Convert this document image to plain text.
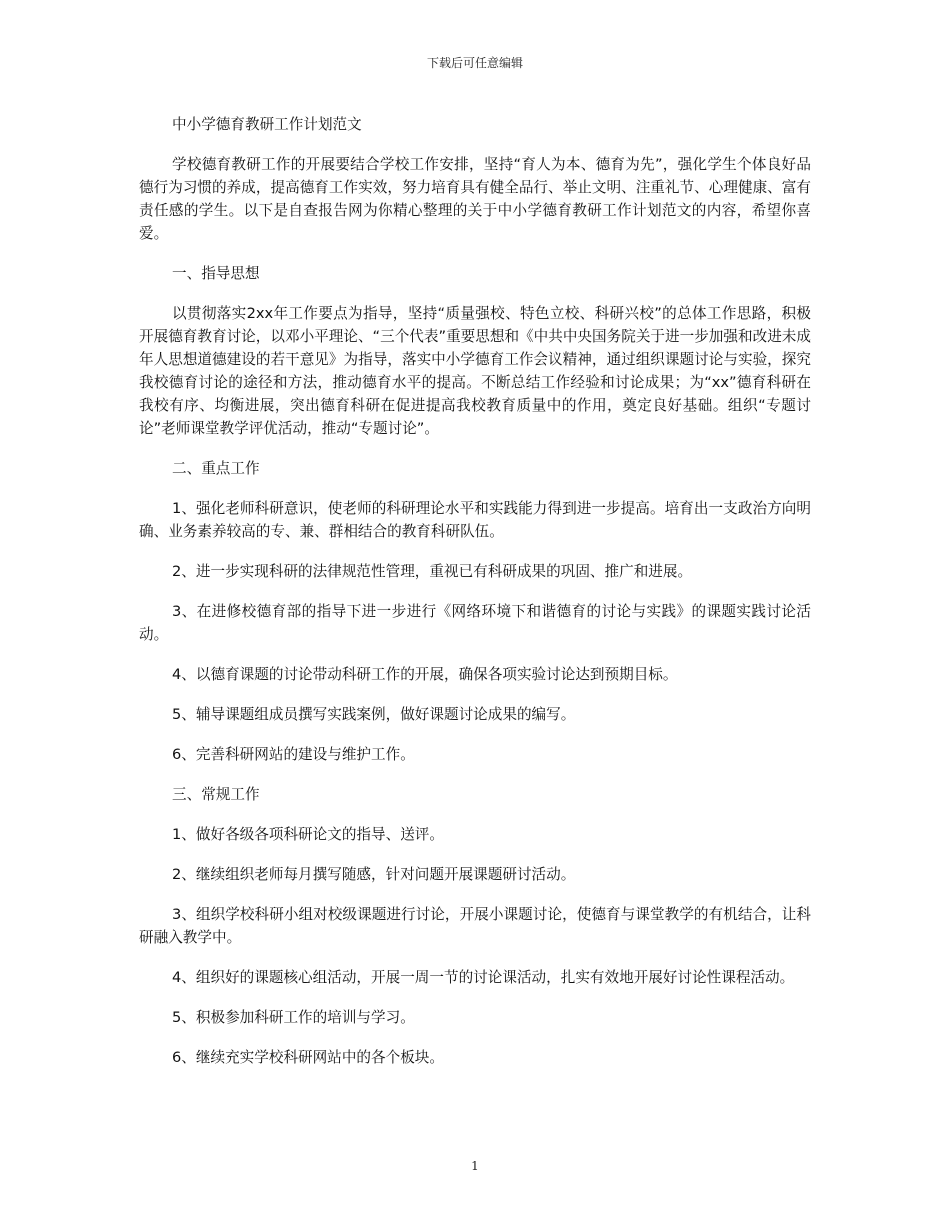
下载后可任意编辑

中小学德育教研工作计划范文

学校德育教研工作的开展要结合学校工作安排，坚持“育人为本、德育为先”，强化学生个体良好品德行为习惯的养成，提高德育工作实效，努力培育具有健全品行、举止文明、注重礼节、心理健康、富有责任感的学生。以下是自查报告网为你精心整理的关于中小学德育教研工作计划范文的内容，希望你喜爱。

一、指导思想

以贯彻落实2xx年工作要点为指导，坚持“质量强校、特色立校、科研兴校”的总体工作思路，积极开展德育教育讨论，以邓小平理论、“三个代表”重要思想和《中共中央国务院关于进一步加强和改进未成年人思想道德建设的若干意见》为指导，落实中小学德育工作会议精神，通过组织课题讨论与实验，探究我校德育讨论的途径和方法，推动德育水平的提高。不断总结工作经验和讨论成果；为“xx”德育科研在我校有序、均衡进展，突出德育科研在促进提高我校教育质量中的作用，奠定良好基础。组织“专题讨论”老师课堂教学评优活动，推动“专题讨论”。

二、重点工作

1、强化老师科研意识，使老师的科研理论水平和实践能力得到进一步提高。培育出一支政治方向明确、业务素养较高的专、兼、群相结合的教育科研队伍。

2、进一步实现科研的法律规范性管理，重视已有科研成果的巩固、推广和进展。

3、在进修校德育部的指导下进一步进行《网络环境下和谐德育的讨论与实践》的课题实践讨论活动。

4、以德育课题的讨论带动科研工作的开展，确保各项实验讨论达到预期目标。

5、辅导课题组成员撰写实践案例，做好课题讨论成果的编写。

6、完善科研网站的建设与维护工作。

三、常规工作

1、做好各级各项科研论文的指导、送评。

2、继续组织老师每月撰写随感，针对问题开展课题研讨活动。

3、组织学校科研小组对校级课题进行讨论，开展小课题讨论，使德育与课堂教学的有机结合，让科研融入教学中。

4、组织好的课题核心组活动，开展一周一节的讨论课活动，扎实有效地开展好讨论性课程活动。

5、积极参加科研工作的培训与学习。

6、继续充实学校科研网站中的各个板块。

1
